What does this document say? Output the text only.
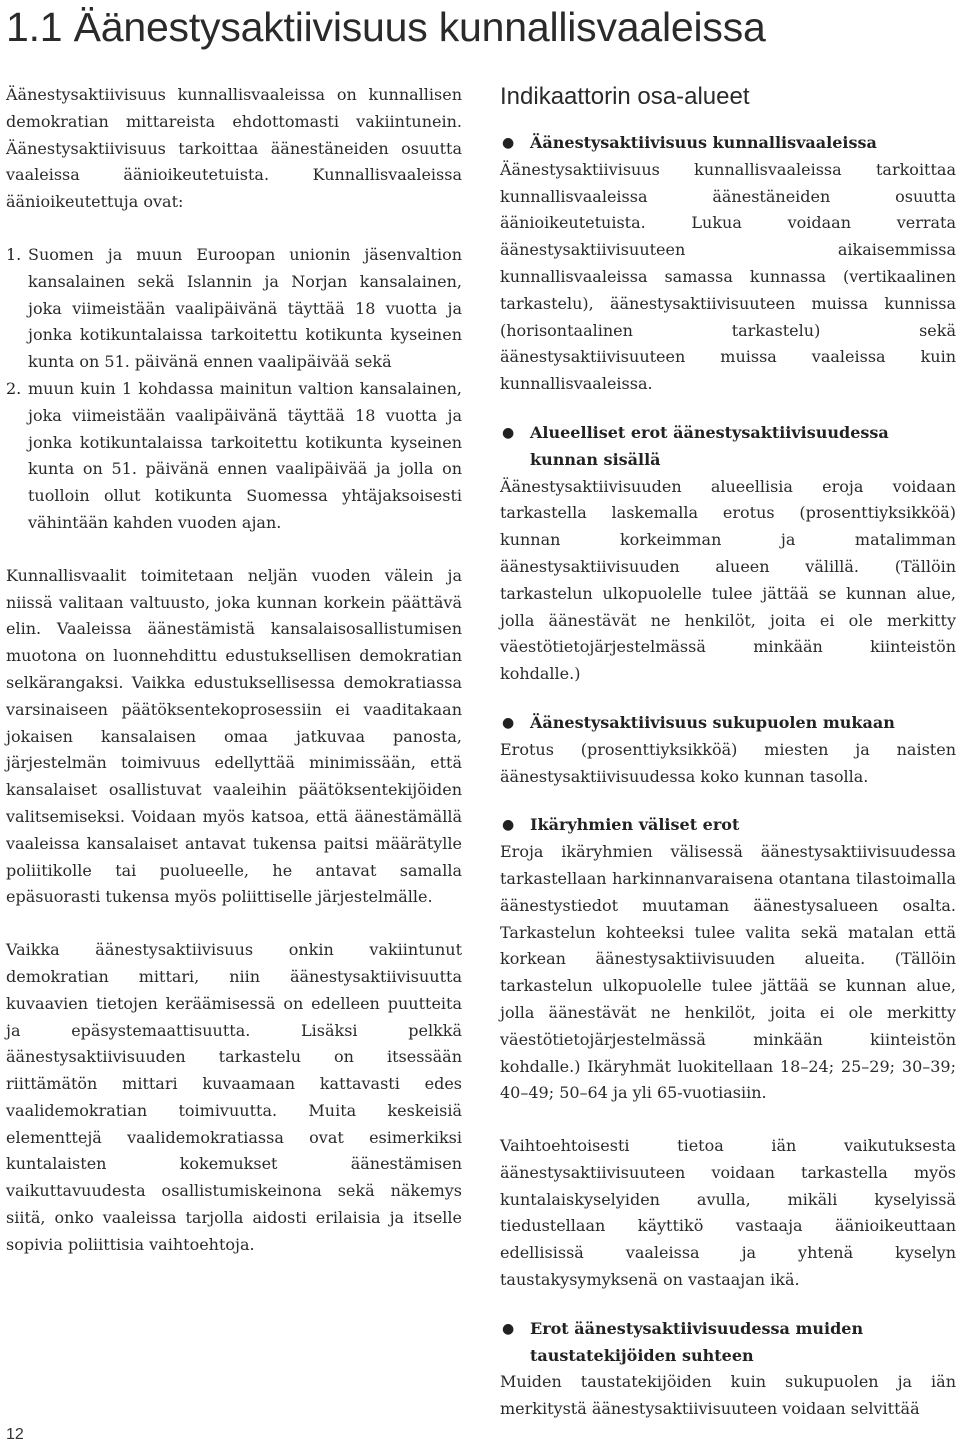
1.1 Äänestysaktiivisuus kunnallisvaaleissa

Äänestysaktiivisuus kunnallisvaaleissa on kunnallisen demokratian mittareista ehdottomasti vakiintunein. Äänestysaktiivisuus tarkoittaa äänestäneiden osuutta vaaleissa äänioikeutetuista. Kunnallisvaaleissa äänioikeutettuja ovat:

1. Suomen ja muun Euroopan unionin jäsenvaltion kansalainen sekä Islannin ja Norjan kansalainen, joka viimeistään vaalipäivänä täyttää 18 vuotta ja jonka kotikuntalaissa tarkoitettu kotikunta kyseinen kunta on 51. päivänä ennen vaalipäivää sekä
2. muun kuin 1 kohdassa mainitun valtion kansalainen, joka viimeistään vaalipäivänä täyttää 18 vuotta ja jonka kotikuntalaissa tarkoitettu kotikunta kyseinen kunta on 51. päivänä ennen vaalipäivää ja jolla on tuolloin ollut kotikunta Suomessa yhtäjaksoisesti vähintään kahden vuoden ajan.

Kunnallisvaalit toimitetaan neljän vuoden välein ja niissä valitaan valtuusto, joka kunnan korkein päättävä elin. Vaaleissa äänestämistä kansalaisosallistumisen muotona on luonnehdittu edustuksellisen demokratian selkärangaksi. Vaikka edustuksellisessa demokratiassa varsinaiseen päätöksentekoprosessiin ei vaaditakaan jokaisen kansalaisen omaa jatkuvaa panosta, järjestelmän toimivuus edellyttää minimissään, että kansalaiset osallistuvat vaaleihin päätöksentekijöiden valitsemiseksi. Voidaan myös katsoa, että äänestämällä vaaleissa kansalaiset antavat tukensa paitsi määrätylle poliitikolle tai puolueelle, he antavat samalla epäsuorasti tukensa myös poliittiselle järjestelmälle.

Vaikka äänestysaktiivisuus onkin vakiintunut demokratian mittari, niin äänestysaktiivisuutta kuvaavien tietojen keräämisessä on edelleen puutteita ja epäsystemaattisuutta. Lisäksi pelkkä äänestysaktiivisuuden tarkastelu on itsessään riittämätön mittari kuvaamaan kattavasti edes vaalidemokratian toimivuutta. Muita keskeisiä elementtejä vaalidemokratiassa ovat esimerkiksi kuntalaisten kokemukset äänestämisen vaikuttavuudesta osallistumiskeinona sekä näkemys siitä, onko vaaleissa tarjolla aidosti erilaisia ja itselle sopivia poliittisia vaihtoehtoja.

Indikaattorin osa-alueet
● Äänestysaktiivisuus kunnallisvaaleissa

Äänestysaktiivisuus kunnallisvaaleissa tarkoittaa kunnallisvaaleissa äänestäneiden osuutta äänioikeutetuista. Lukua voidaan verrata äänestysaktiivisuuteen aikaisemmissa kunnallisvaaleissa samassa kunnassa (vertikaalinen tarkastelu), äänestysaktiivisuuteen muissa kunnissa (horisontaalinen tarkastelu) sekä äänestysaktiivisuuteen muissa vaaleissa kuin kunnallisvaaleissa.

● Alueelliset erot äänestysaktiivisuudessa kunnan sisällä

Äänestysaktiivisuuden alueellisia eroja voidaan tarkastella laskemalla erotus (prosenttiyksikköä) kunnan korkeimman ja matalimman äänestysaktiivisuuden alueen välillä. (Tällöin tarkastelun ulkopuolelle tulee jättää se kunnan alue, jolla äänestävät ne henkilöt, joita ei ole merkitty väestötietojärjestelmässä minkään kiinteistön kohdalle.)

● Äänestysaktiivisuus sukupuolen mukaan

Erotus (prosenttiyksikköä) miesten ja naisten äänestysaktiivisuudessa koko kunnan tasolla.

● Ikäryhmien väliset erot

Eroja ikäryhmien välisessä äänestysaktiivisuudessa tarkastellaan harkinnanvaraisena otantana tilastoimalla äänestystiedot muutaman äänestysalueen osalta. Tarkastelun kohteeksi tulee valita sekä matalan että korkean äänestysaktiivisuuden alueita. (Tällöin tarkastelun ulkopuolelle tulee jättää se kunnan alue, jolla äänestävät ne henkilöt, joita ei ole merkitty väestötietojärjestelmässä minkään kiinteistön kohdalle.) Ikäryhmät luokitellaan 18–24; 25–29; 30–39; 40–49; 50–64 ja yli 65-vuotiasiin.

Vaihtoehtoisesti tietoa iän vaikutuksesta äänestysaktiivisuuteen voidaan tarkastella myös kuntalaiskyselyiden avulla, mikäli kyselyissä tiedustellaan käyttikö vastaaja äänioikeuttaan edellisissä vaaleissa ja yhtenä kyselyn taustakysymyksenä on vastaajan ikä.

● Erot äänestysaktiivisuudessa muiden taustatekijöiden suhteen

Muiden taustatekijöiden kuin sukupuolen ja iän merkitystä äänestysaktiivisuuteen voidaan selvittää

12
